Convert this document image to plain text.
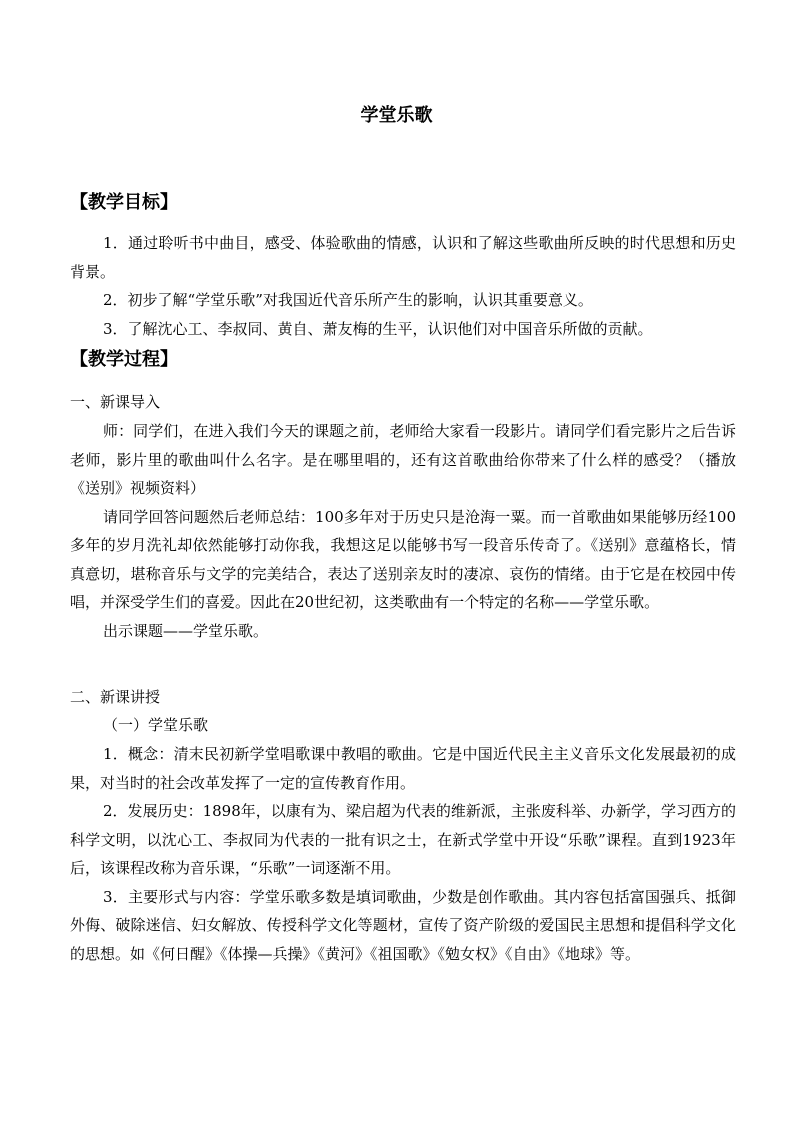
学堂乐歌
【教学目标】

1．通过聆听书中曲目，感受、体验歌曲的情感，认识和了解这些歌曲所反映的时代思想和历史背景。

2．初步了解“学堂乐歌”对我国近代音乐所产生的影响，认识其重要意义。

3．了解沈心工、李叔同、黄自、萧友梅的生平，认识他们对中国音乐所做的贡献。

【教学过程】
一、新课导入

师：同学们，在进入我们今天的课题之前，老师给大家看一段影片。请同学们看完影片之后告诉老师，影片里的歌曲叫什么名字。是在哪里唱的，还有这首歌曲给你带来了什么样的感受？（播放《送别》视频资料）

请同学回答问题然后老师总结：100多年对于历史只是沧海一粟。而一首歌曲如果能够历经100多年的岁月洗礼却依然能够打动你我，我想这足以能够书写一段音乐传奇了。《送别》意蕴格长，情真意切，堪称音乐与文学的完美结合，表达了送别亲友时的凄凉、哀伤的情绪。由于它是在校园中传唱，并深受学生们的喜爱。因此在20世纪初，这类歌曲有一个特定的名称——学堂乐歌。

出示课题——学堂乐歌。

二、新课讲授
（一）学堂乐歌

1．概念：清末民初新学堂唱歌课中教唱的歌曲。它是中国近代民主主义音乐文化发展最初的成果，对当时的社会改革发挥了一定的宣传教育作用。

2．发展历史：1898年，以康有为、梁启超为代表的维新派，主张废科举、办新学，学习西方的科学文明，以沈心工、李叔同为代表的一批有识之士，在新式学堂中开设“乐歌”课程。直到1923年后，该课程改称为音乐课，“乐歌”一词逐渐不用。

3．主要形式与内容：学堂乐歌多数是填词歌曲，少数是创作歌曲。其内容包括富国强兵、抵御外侮、破除迷信、妇女解放、传授科学文化等题材，宣传了资产阶级的爱国民主思想和提倡科学文化的思想。如《何日醒》《体操—兵操》《黄河》《祖国歌》《勉女权》《自由》《地球》等。
